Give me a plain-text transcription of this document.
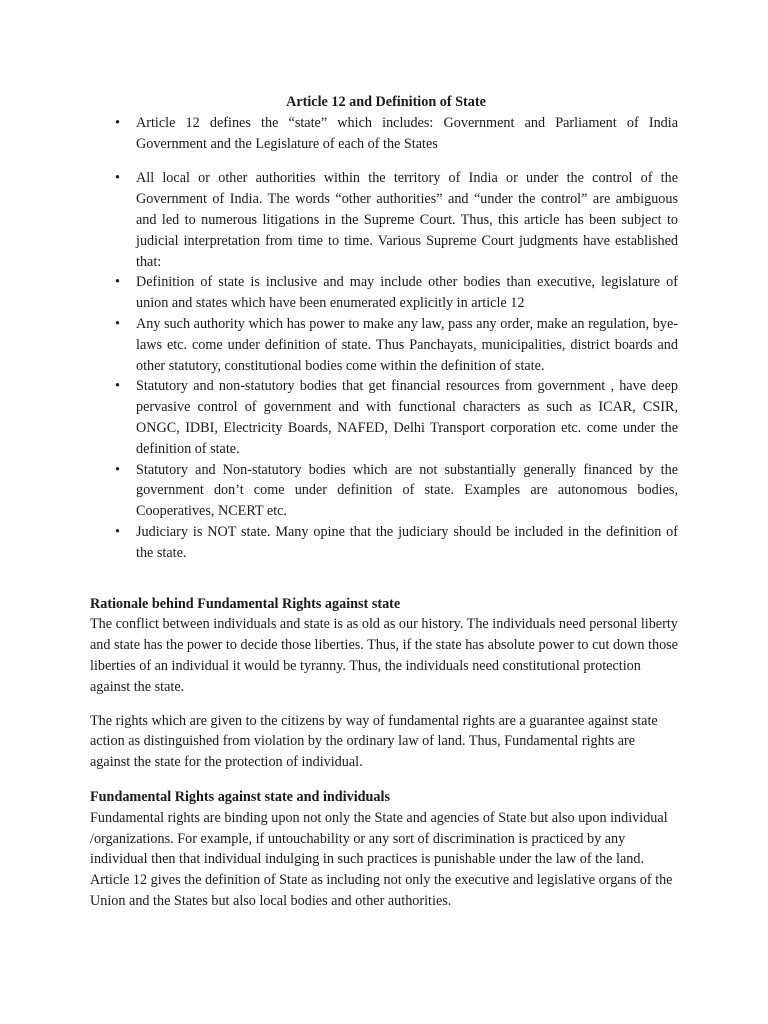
Article 12 and Definition of State
• Article 12 defines the “state” which includes: Government and Parliament of India Government and the Legislature of each of the States
• All local or other authorities within the territory of India or under the control of the Government of India. The words “other authorities” and “under the control” are ambiguous and led to numerous litigations in the Supreme Court. Thus, this article has been subject to judicial interpretation from time to time. Various Supreme Court judgments have established that:
• Definition of state is inclusive and may include other bodies than executive, legislature of union and states which have been enumerated explicitly in article 12
• Any such authority which has power to make any law, pass any order, make an regulation, bye-laws etc. come under definition of state. Thus Panchayats, municipalities, district boards and other statutory, constitutional bodies come within the definition of state.
• Statutory and non-statutory bodies that get financial resources from government , have deep pervasive control of government and with functional characters as such as ICAR, CSIR, ONGC, IDBI, Electricity Boards, NAFED, Delhi Transport corporation etc. come under the definition of state.
• Statutory and Non-statutory bodies which are not substantially generally financed by the government don’t come under definition of state. Examples are autonomous bodies, Cooperatives, NCERT etc.
• Judiciary is NOT state. Many opine that the judiciary should be included in the definition of the state.
Rationale behind Fundamental Rights against state

The conflict between individuals and state is as old as our history. The individuals need personal liberty and state has the power to decide those liberties. Thus, if the state has absolute power to cut down those liberties of an individual it would be tyranny. Thus, the individuals need constitutional protection against the state.

The rights which are given to the citizens by way of fundamental rights are a guarantee against state action as distinguished from violation by the ordinary law of land. Thus, Fundamental rights are against the state for the protection of individual.

Fundamental Rights against state and individuals

Fundamental rights are binding upon not only the State and agencies of State but also upon individual /organizations. For example, if untouchability or any sort of discrimination is practiced by any individual then that individual indulging in such practices is punishable under the law of the land. Article 12 gives the definition of State as including not only the executive and legislative organs of the Union and the States but also local bodies and other authorities.
